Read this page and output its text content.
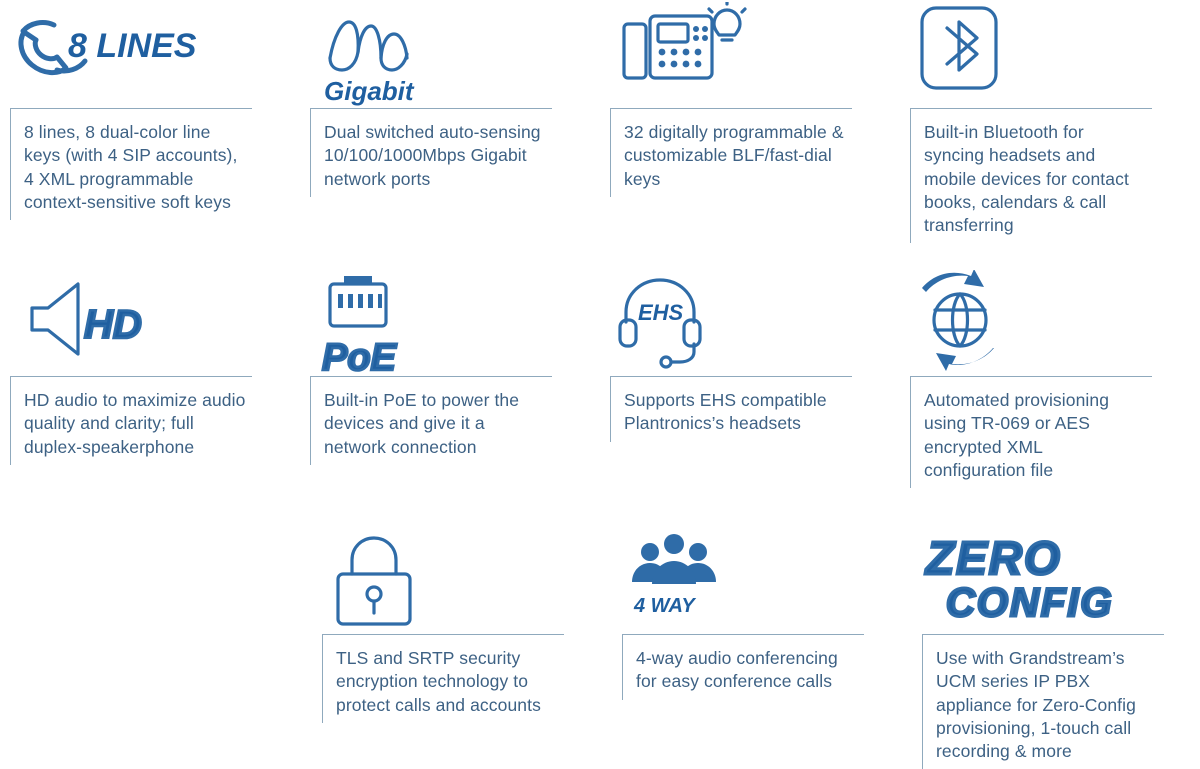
8 LINES
8 lines, 8 dual-color line keys (with 4 SIP accounts), 4 XML programmable context-sensitive soft keys
Gigabit
Dual switched auto-sensing 10/100/1000Mbps Gigabit network ports
32 digitally programmable & customizable BLF/fast-dial keys
Built-in Bluetooth for syncing headsets and mobile devices for contact books, calendars & call transferring
HD
HD audio to maximize audio quality and clarity; full duplex-speakerphone
PoE
Built-in PoE to power the devices and give it a network connection
EHS
Supports EHS compatible Plantronics’s headsets
Automated provisioning using TR-069 or AES encrypted XML configuration file
TLS and SRTP security encryption technology to protect calls and accounts
4 WAY
4-way audio conferencing for easy conference calls
ZERO
CONFIG
Use with Grandstream’s UCM series IP PBX appliance for Zero-Config provisioning, 1-touch call recording & more
